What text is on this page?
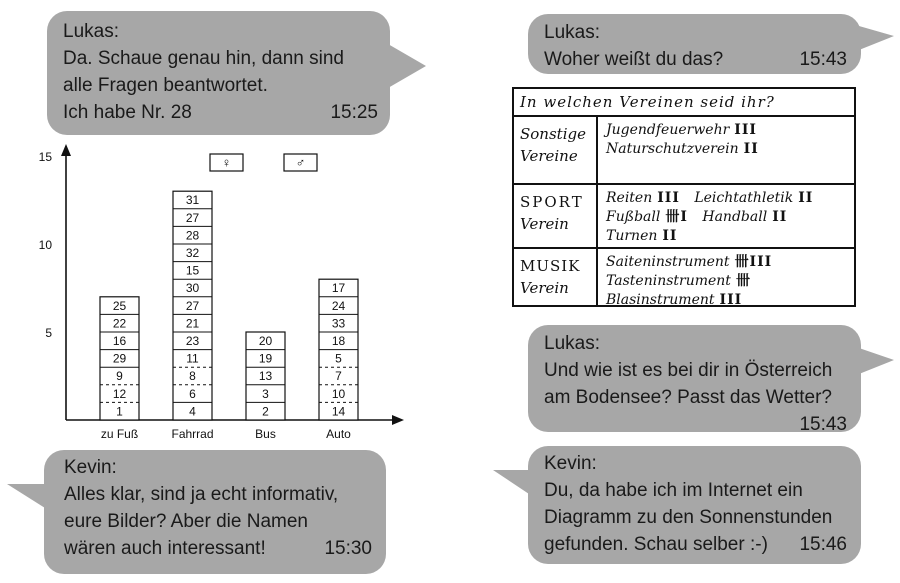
Lukas:
Da. Schaue genau hin, dann sind
alle Fragen beantwortet.
Ich habe Nr. 28	15:25
Lukas:
Woher weißt du das?	15:43
In welchen Vereinen seid ihr?
Sonstige
Vereine
Jugendfeuerwehr III
Naturschutzverein II
SPORT
Verein
Reiten III Leichtathletik II
Fußball 卌I Handball II
Turnen II
MUSIK
Verein
Saiteninstrument 卌III
Tasteninstrument 卌
Blasinstrument III
5
10
15
1
12
9
29
16
22
25
zu Fuß
4
6
8
11
23
21
27
30
15
32
28
27
31
Fahrrad
2
3
13
19
20
Bus
14
10
7
5
18
33
24
17
Auto
♀	♂
Lukas:
Und wie ist es bei dir in Österreich
am Bodensee? Passt das Wetter?
15:43
Kevin:
Alles klar, sind ja echt informativ,
eure Bilder? Aber die Namen
wären auch interessant!	15:30
Kevin:
Du, da habe ich im Internet ein
Diagramm zu den Sonnenstunden
gefunden. Schau selber :-) 15:46
